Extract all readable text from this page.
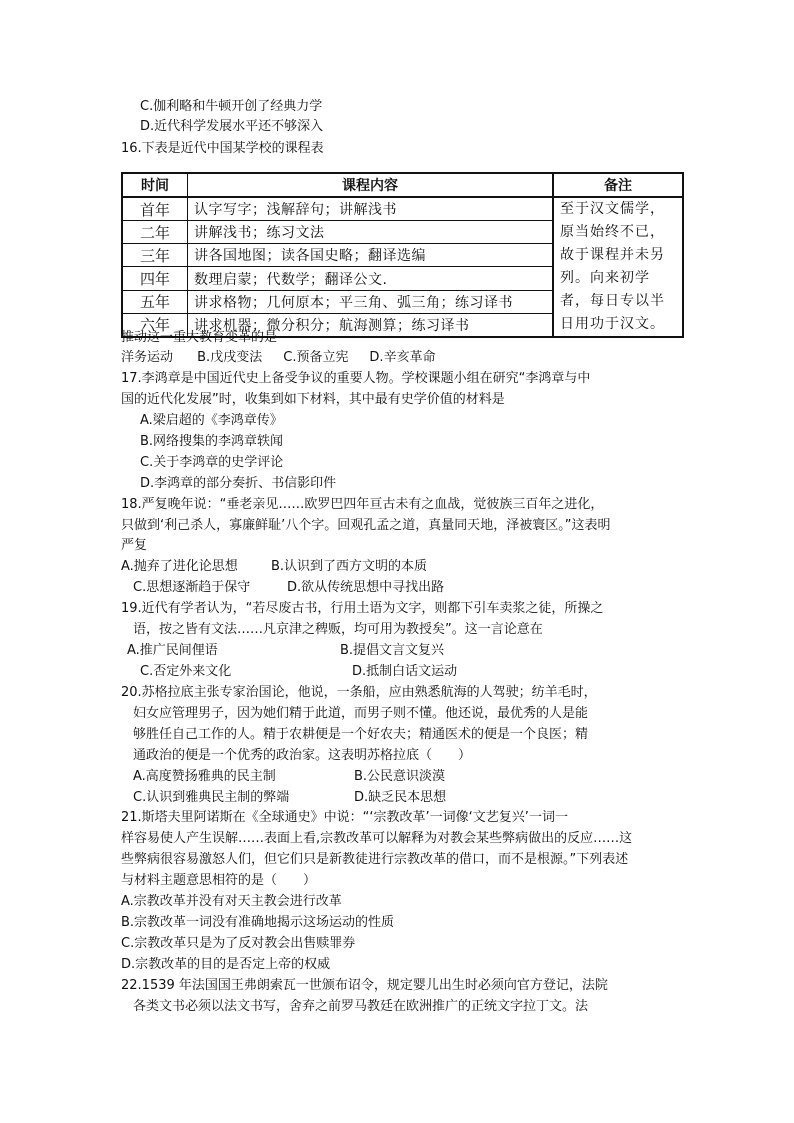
C.伽利略和牛顿开创了经典力学
D.近代科学发展水平还不够深入
16.下表是近代中国某学校的课程表
时间	课程内容	备注
首年	认字写字；浅解辞句；讲解浅书	至于汉文儒学，原当始终不已，故于课程并未另列。向来初学者，每日专以半日用功于汉文。
二年	讲解浅书；练习文法	
三年	讲各国地图；读各国史略；翻译选编	
四年	数理启蒙；代数学；翻译公文.	
五年	讲求格物；几何原本；平三角、弧三角；练习译书	
六年	讲求机器；微分积分；航海测算；练习译书	
推动这一重大教育变革的是
洋务运动 B.戊戌变法 C.预备立宪 D.辛亥革命
17.李鸿章是中国近代史上备受争议的重要人物。学校课题小组在研究“李鸿章与中
国的近代化发展”时，收集到如下材料，其中最有史学价值的材料是
A.梁启超的《李鸿章传》
B.网络搜集的李鸿章轶闻
C.关于李鸿章的史学评论
D.李鸿章的部分奏折、书信影印件
18.严复晚年说：“垂老亲见……欧罗巴四年亘古未有之血战，觉彼族三百年之进化，
只做到‘利己杀人，寡廉鲜耻’八个字。回观孔孟之道，真量同天地，泽被寰区。”这表明
严复
A.抛弃了进化论思想	B.认识到了西方文明的本质
C.思想逐渐趋于保守	D.欲从传统思想中寻找出路
19.近代有学者认为，“若尽废古书，行用土语为文字，则都下引车卖浆之徒，所操之
语，按之皆有文法……凡京津之稗贩，均可用为教授矣”。这一言论意在
A.推广民间俚语	B.提倡文言文复兴
C.否定外来文化	D.抵制白话文运动
20.苏格拉底主张专家治国论，他说，一条船，应由熟悉航海的人驾驶；纺羊毛时，
妇女应管理男子，因为她们精于此道，而男子则不懂。他还说，最优秀的人是能
够胜任自己工作的人。精于农耕便是一个好农夫；精通医术的便是一个良医；精
通政治的便是一个优秀的政治家。这表明苏格拉底（　　）
A.高度赞扬雅典的民主制	B.公民意识淡漠
C.认识到雅典民主制的弊端	D.缺乏民本思想
21.斯塔夫里阿诺斯在《全球通史》中说：“‘宗教改革’一词像‘文艺复兴’一词一
样容易使人产生误解……表面上看,宗教改革可以解释为对教会某些弊病做出的反应……这
些弊病很容易激怒人们，但它们只是新教徒进行宗教改革的借口，而不是根源。”下列表述
与材料主题意思相符的是（　　）
A.宗教改革并没有对天主教会进行改革
B.宗教改革一词没有准确地揭示这场运动的性质
C.宗教改革只是为了反对教会出售赎罪券
D.宗教改革的目的是否定上帝的权威
22.1539 年法国国王弗朗索瓦一世颁布诏令，规定婴儿出生时必须向官方登记，法院
各类文书必须以法文书写，舍弃之前罗马教廷在欧洲推广的正统文字拉丁文。法
